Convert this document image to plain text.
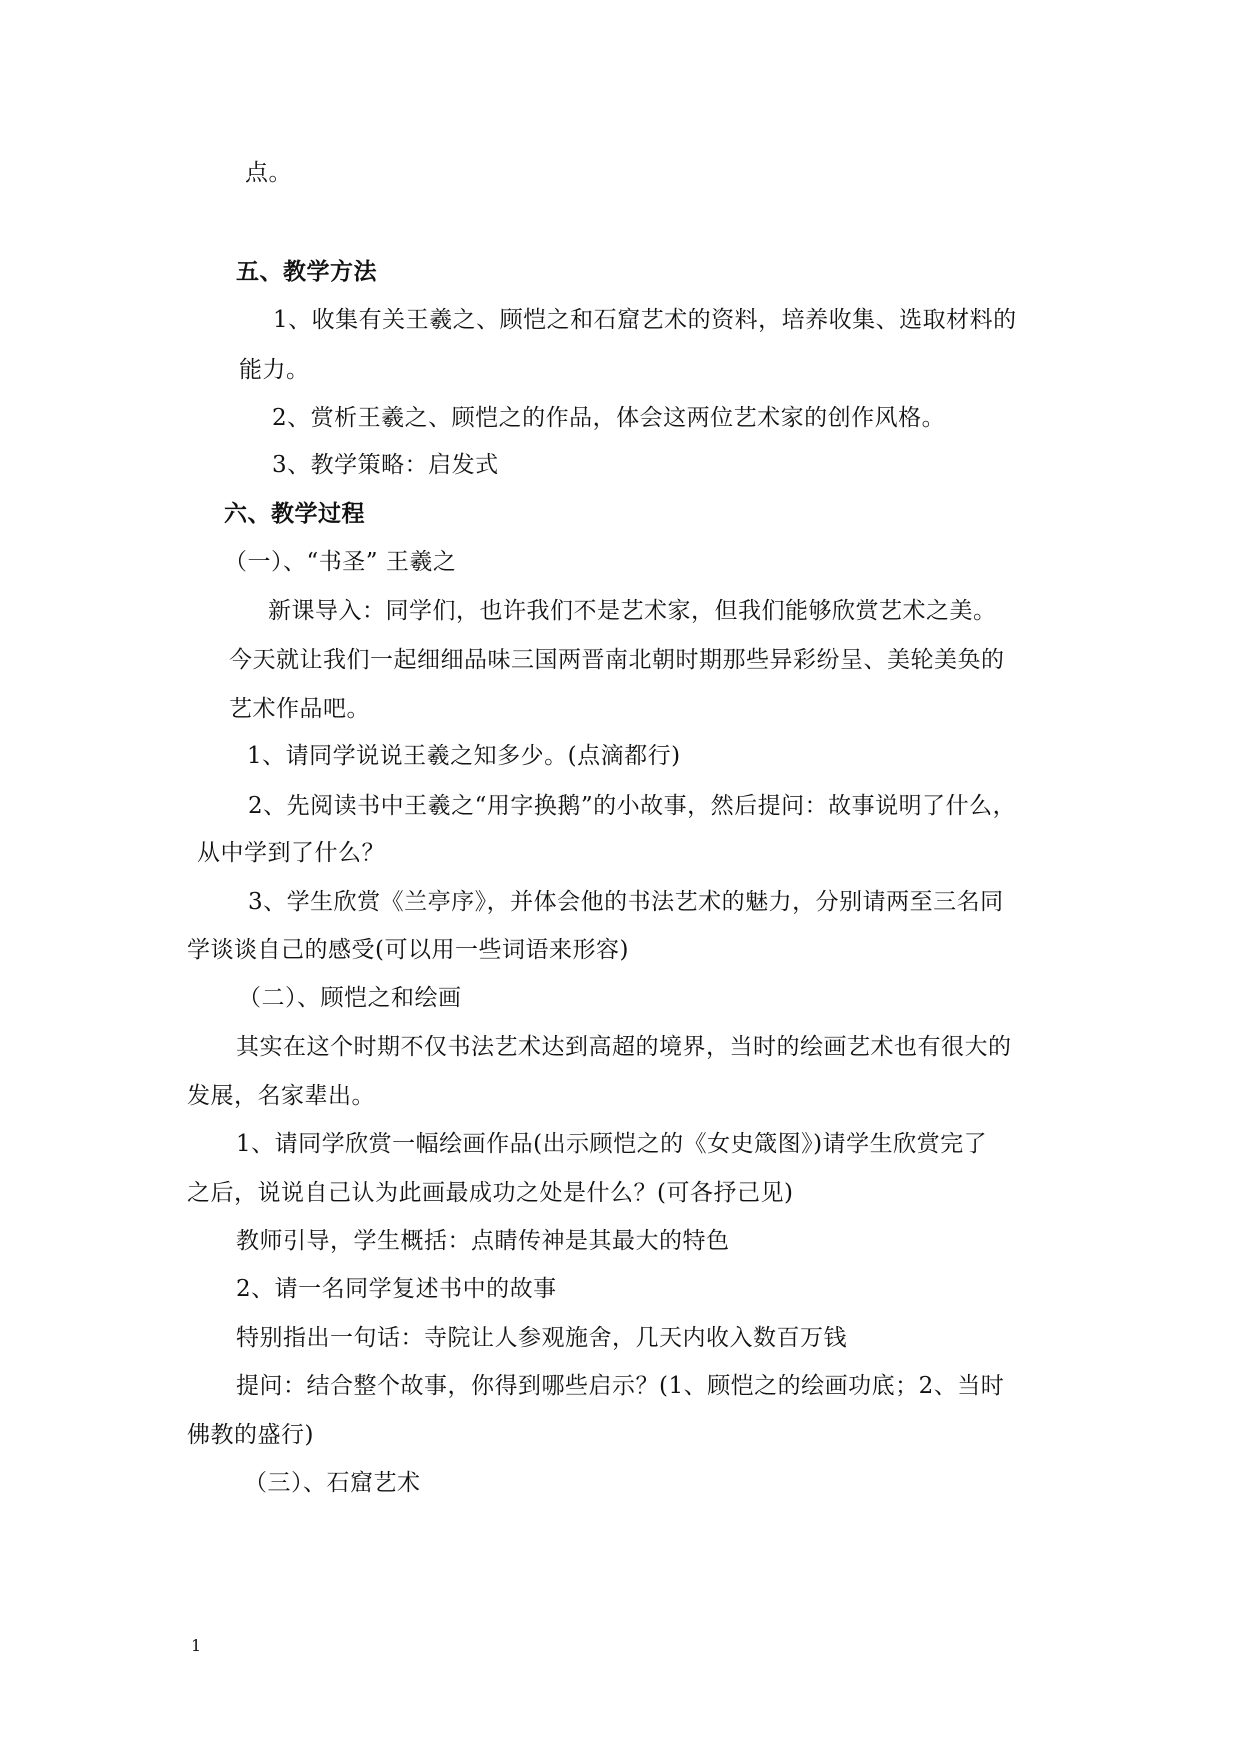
点。
五、教学方法
1、收集有关王羲之、顾恺之和石窟艺术的资料，培养收集、选取材料的
能力。
2、赏析王羲之、顾恺之的作品，体会这两位艺术家的创作风格。
3、教学策略：启发式
六、教学过程
（一）、“书圣” 王羲之
新课导入：同学们，也许我们不是艺术家，但我们能够欣赏艺术之美。
今天就让我们一起细细品味三国两晋南北朝时期那些异彩纷呈、美轮美奂的
艺术作品吧。
1、请同学说说王羲之知多少。(点滴都行)
2、先阅读书中王羲之“用字换鹅”的小故事，然后提问：故事说明了什么，
从中学到了什么？
3、学生欣赏《兰亭序》，并体会他的书法艺术的魅力，分别请两至三名同
学谈谈自己的感受(可以用一些词语来形容)
（二）、顾恺之和绘画
其实在这个时期不仅书法艺术达到高超的境界，当时的绘画艺术也有很大的
发展，名家辈出。
1、请同学欣赏一幅绘画作品(出示顾恺之的《女史箴图》)请学生欣赏完了
之后，说说自己认为此画最成功之处是什么？(可各抒己见)
教师引导，学生概括：点睛传神是其最大的特色
2、请一名同学复述书中的故事
特别指出一句话：寺院让人参观施舍，几天内收入数百万钱
提问：结合整个故事，你得到哪些启示？(1、顾恺之的绘画功底；2、当时
佛教的盛行)
（三）、石窟艺术
1
